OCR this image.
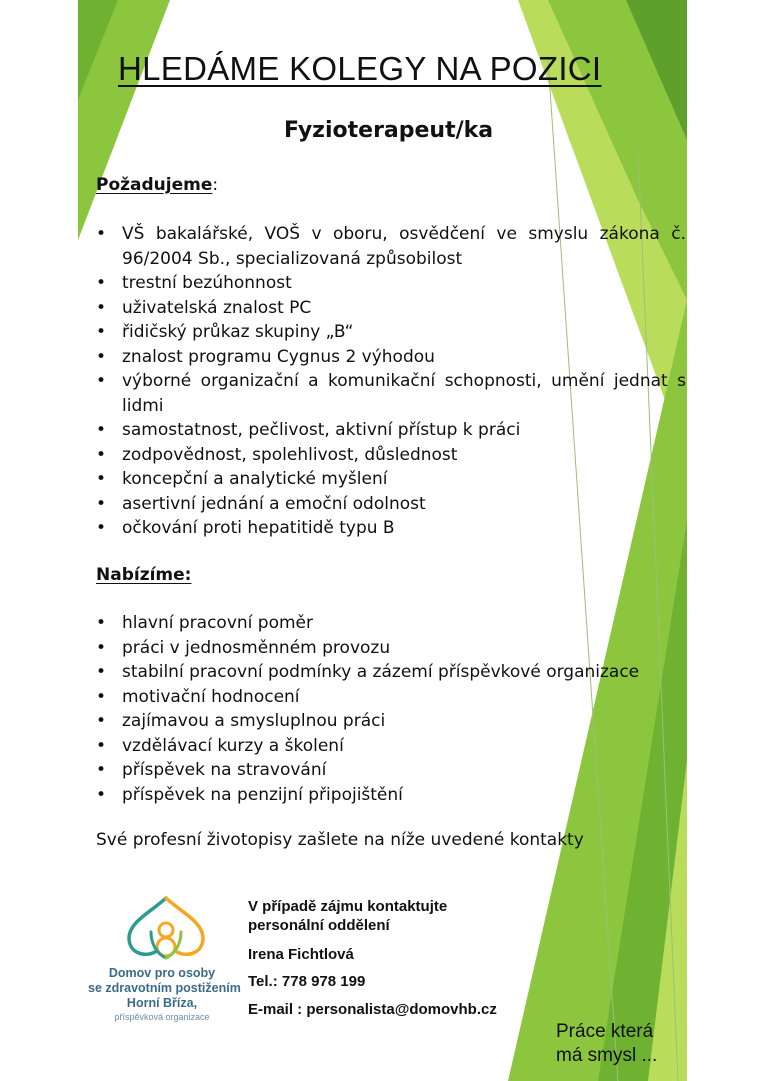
HLEDÁME KOLEGY NA POZICI
Fyzioterapeut/ka

Požadujeme:

• VŠ bakalářské, VOŠ v oboru, osvědčení ve smyslu zákona č. 96/2004 Sb., specializovaná způsobilost
• trestní bezúhonnost
• uživatelská znalost PC
• řidičský průkaz skupiny „B“
• znalost programu Cygnus 2 výhodou
• výborné organizační a komunikační schopnosti, umění jednat s lidmi
• samostatnost, pečlivost, aktivní přístup k práci
• zodpovědnost, spolehlivost, důslednost
• koncepční a analytické myšlení
• asertivní jednání a emoční odolnost
• očkování proti hepatitidě typu B

Nabízíme:

• hlavní pracovní poměr
• práci v jednosměnném provozu
• stabilní pracovní podmínky a zázemí příspěvkové organizace
• motivační hodnocení
• zajímavou a smysluplnou práci
• vzdělávací kurzy a školení
• příspěvek na stravování
• příspěvek na penzijní připojištění

Své profesní životopisy zašlete na níže uvedené kontakty

Domov pro osoby

se zdravotním postižením

Horní Bříza,

příspěvková organizace

V případě zájmu kontaktujte

personální oddělení

Irena Fichtlová

Tel.: 778 978 199

E-mail : personalista@domovhb.cz

Práce která

má smysl ...
